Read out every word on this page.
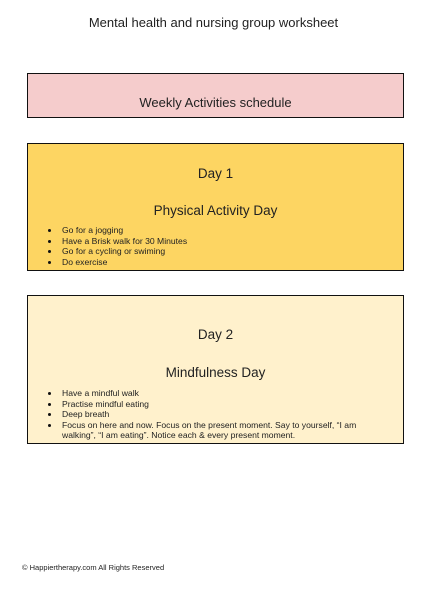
Mental health and nursing group worksheet
Weekly Activities schedule
Day 1
Physical Activity Day
Go for a jogging
Have a Brisk walk for 30 Minutes
Go for a cycling or swiming
Do exercise
Day 2
Mindfulness Day
Have a mindful walk
Practise mindful eating
Deep breath
Focus on here and now. Focus on the present moment. Say to yourself, “I am walking”, “I am eating”. Notice each & every present moment.
© Happiertherapy.com All Rights Reserved
